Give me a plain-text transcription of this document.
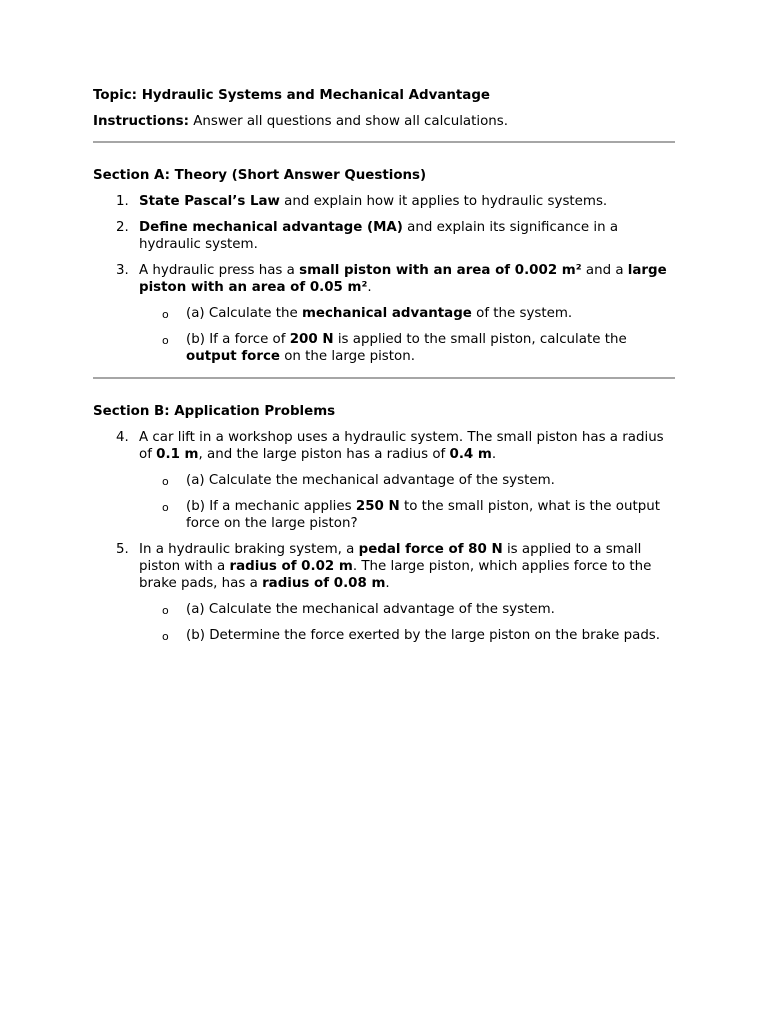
Topic: Hydraulic Systems and Mechanical Advantage
Instructions: Answer all questions and show all calculations.
Section A: Theory (Short Answer Questions)
1. State Pascal’s Law and explain how it applies to hydraulic systems.
2. Define mechanical advantage (MA) and explain its significance in a hydraulic system.
3. A hydraulic press has a small piston with an area of 0.002 m² and a large piston with an area of 0.05 m².
o (a) Calculate the mechanical advantage of the system.
o (b) If a force of 200 N is applied to the small piston, calculate the output force on the large piston.
Section B: Application Problems
4. A car lift in a workshop uses a hydraulic system. The small piston has a radius of 0.1 m, and the large piston has a radius of 0.4 m.
o (a) Calculate the mechanical advantage of the system.
o (b) If a mechanic applies 250 N to the small piston, what is the output force on the large piston?
5. In a hydraulic braking system, a pedal force of 80 N is applied to a small piston with a radius of 0.02 m. The large piston, which applies force to the brake pads, has a radius of 0.08 m.
o (a) Calculate the mechanical advantage of the system.
o (b) Determine the force exerted by the large piston on the brake pads.
